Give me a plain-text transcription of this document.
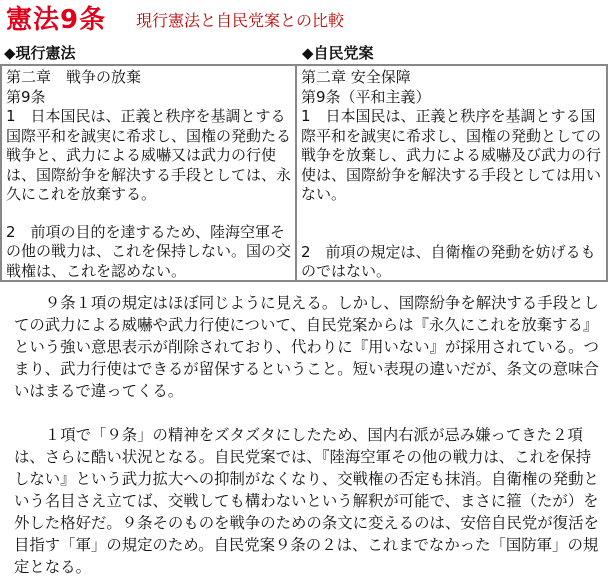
憲法9条 現行憲法と自民党案との比較
◆現行憲法	◆自民党案

第二章　戦争の放棄

第9条

1　日本国民は、正義と秩序を基調とする国際平和を誠実に希求し、国権の発動たる戦争と、武力による威嚇又は武力の行使は、国際紛争を解決する手段としては、永久にこれを放棄する。

2　前項の目的を達するため、陸海空軍その他の戦力は、これを保持しない。国の交戦権は、これを認めない。

第二章 安全保障

第9条（平和主義）

1　日本国民は、正義と秩序を基調とする国際平和を誠実に希求し、国権の発動としての戦争を放棄し、武力による威嚇及び武力の行使は、国際紛争を解決する手段としては用いない。

2　前項の規定は、自衛権の発動を妨げるものではない。

９条１項の規定はほぼ同じように見える。しかし、国際紛争を解決する手段としての武力による威嚇や武力行使について、自民党案からは『永久にこれを放棄する』という強い意思表示が削除されており、代わりに『用いない』が採用されている。つまり、武力行使はできるが留保するということ。短い表現の違いだが、条文の意味合いはまるで違ってくる。

１項で「９条」の精神をズタズタにしたため、国内右派が忌み嫌ってきた２項は、さらに酷い状況となる。自民党案では、『陸海空軍その他の戦力は、これを保持しない』という武力拡大への抑制がなくなり、交戦権の否定も抹消。自衛権の発動という名目さえ立てば、交戦しても構わないという解釈が可能で、まさに箍（たが）を外した格好だ。９条そのものを戦争のための条文に変えるのは、安倍自民党が復活を目指す「軍」の規定のため。自民党案９条の２は、これまでなかった「国防軍」の規定となる。
